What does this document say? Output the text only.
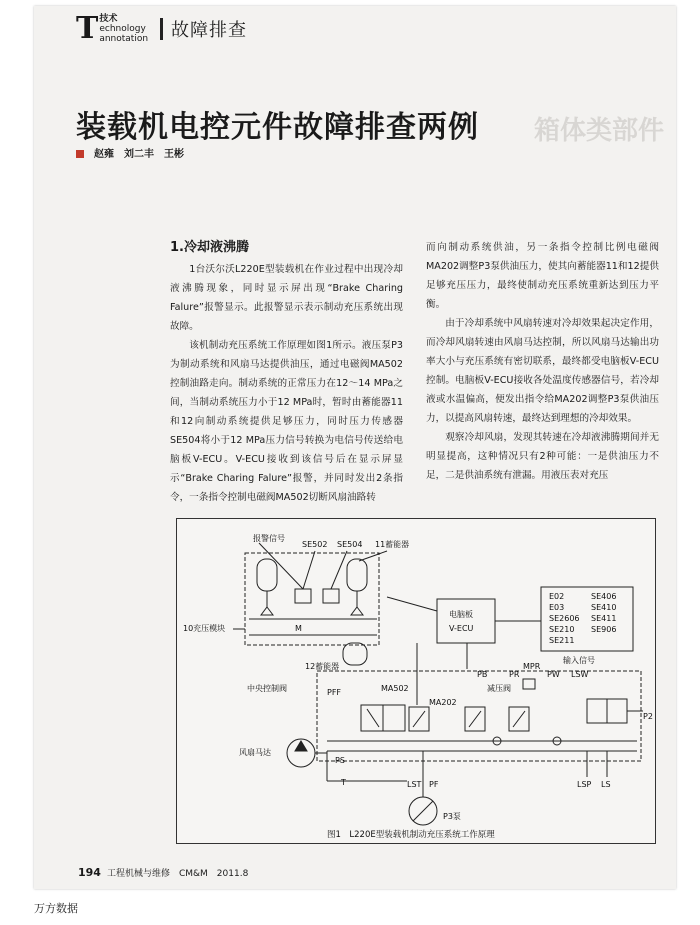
箱体类部件
T 技术
echnology
annotation 故障排查
装载机电控元件故障排查两例
赵雍　刘二丰　王彬
1.冷却液沸腾

1台沃尔沃L220E型装载机在作业过程中出现冷却液沸腾现象，同时显示屏出现“Brake Charing Falure”报警显示。此报警显示表示制动充压系统出现故障。

该机制动充压系统工作原理如图1所示。液压泵P3为制动系统和风扇马达提供油压，通过电磁阀MA502控制油路走向。制动系统的正常压力在12～14 MPa之间，当制动系统压力小于12 MPa时，暂时由蓄能器11和12向制动系统提供足够压力，同时压力传感器SE504将小于12 MPa压力信号转换为电信号传送给电脑板V-ECU。V-ECU接收到该信号后在显示屏显示“Brake Charing Falure”报警，并同时发出2条指令，一条指令控制电磁阀MA502切断风扇油路转

而向制动系统供油，另一条指令控制比例电磁阀MA202调整P3泵供油压力，使其向蓄能器11和12提供足够充压压力，最终使制动充压系统重新达到压力平衡。

由于冷却系统中风扇转速对冷却效果起决定作用，而冷却风扇转速由风扇马达控制，所以风扇马达输出功率大小与充压系统有密切联系，最终都受电脑板V-ECU控制。电脑板V-ECU接收各处温度传感器信号，若冷却液或水温偏高，便发出指令给MA202调整P3泵供油压力，以提高风扇转速，最终达到理想的冷却效果。

观察冷却风扇，发现其转速在冷却液沸腾期间并无明显提高，这种情况只有2种可能：一是供油压力不足，二是供油系统有泄漏。用液压表对充压

报警信号
SE502 SE504 11蓄能器
M
10充压模块
12蓄能器
电脑板
V-ECU
E02
E03
SE2606
SE210
SE211
SE406
SE410
SE411
SE906
输入信号
中央控制阀	PFF	MA502
MA202
PB	PR
MPR
PW LSW
减压阀
P2
风扇马达
PS
T	LST PF
P3泵
LSP LS
图1　L220E型装载机制动充压系统工作原理
194 工程机械与维修　CM&M　2011.8
万方数据
